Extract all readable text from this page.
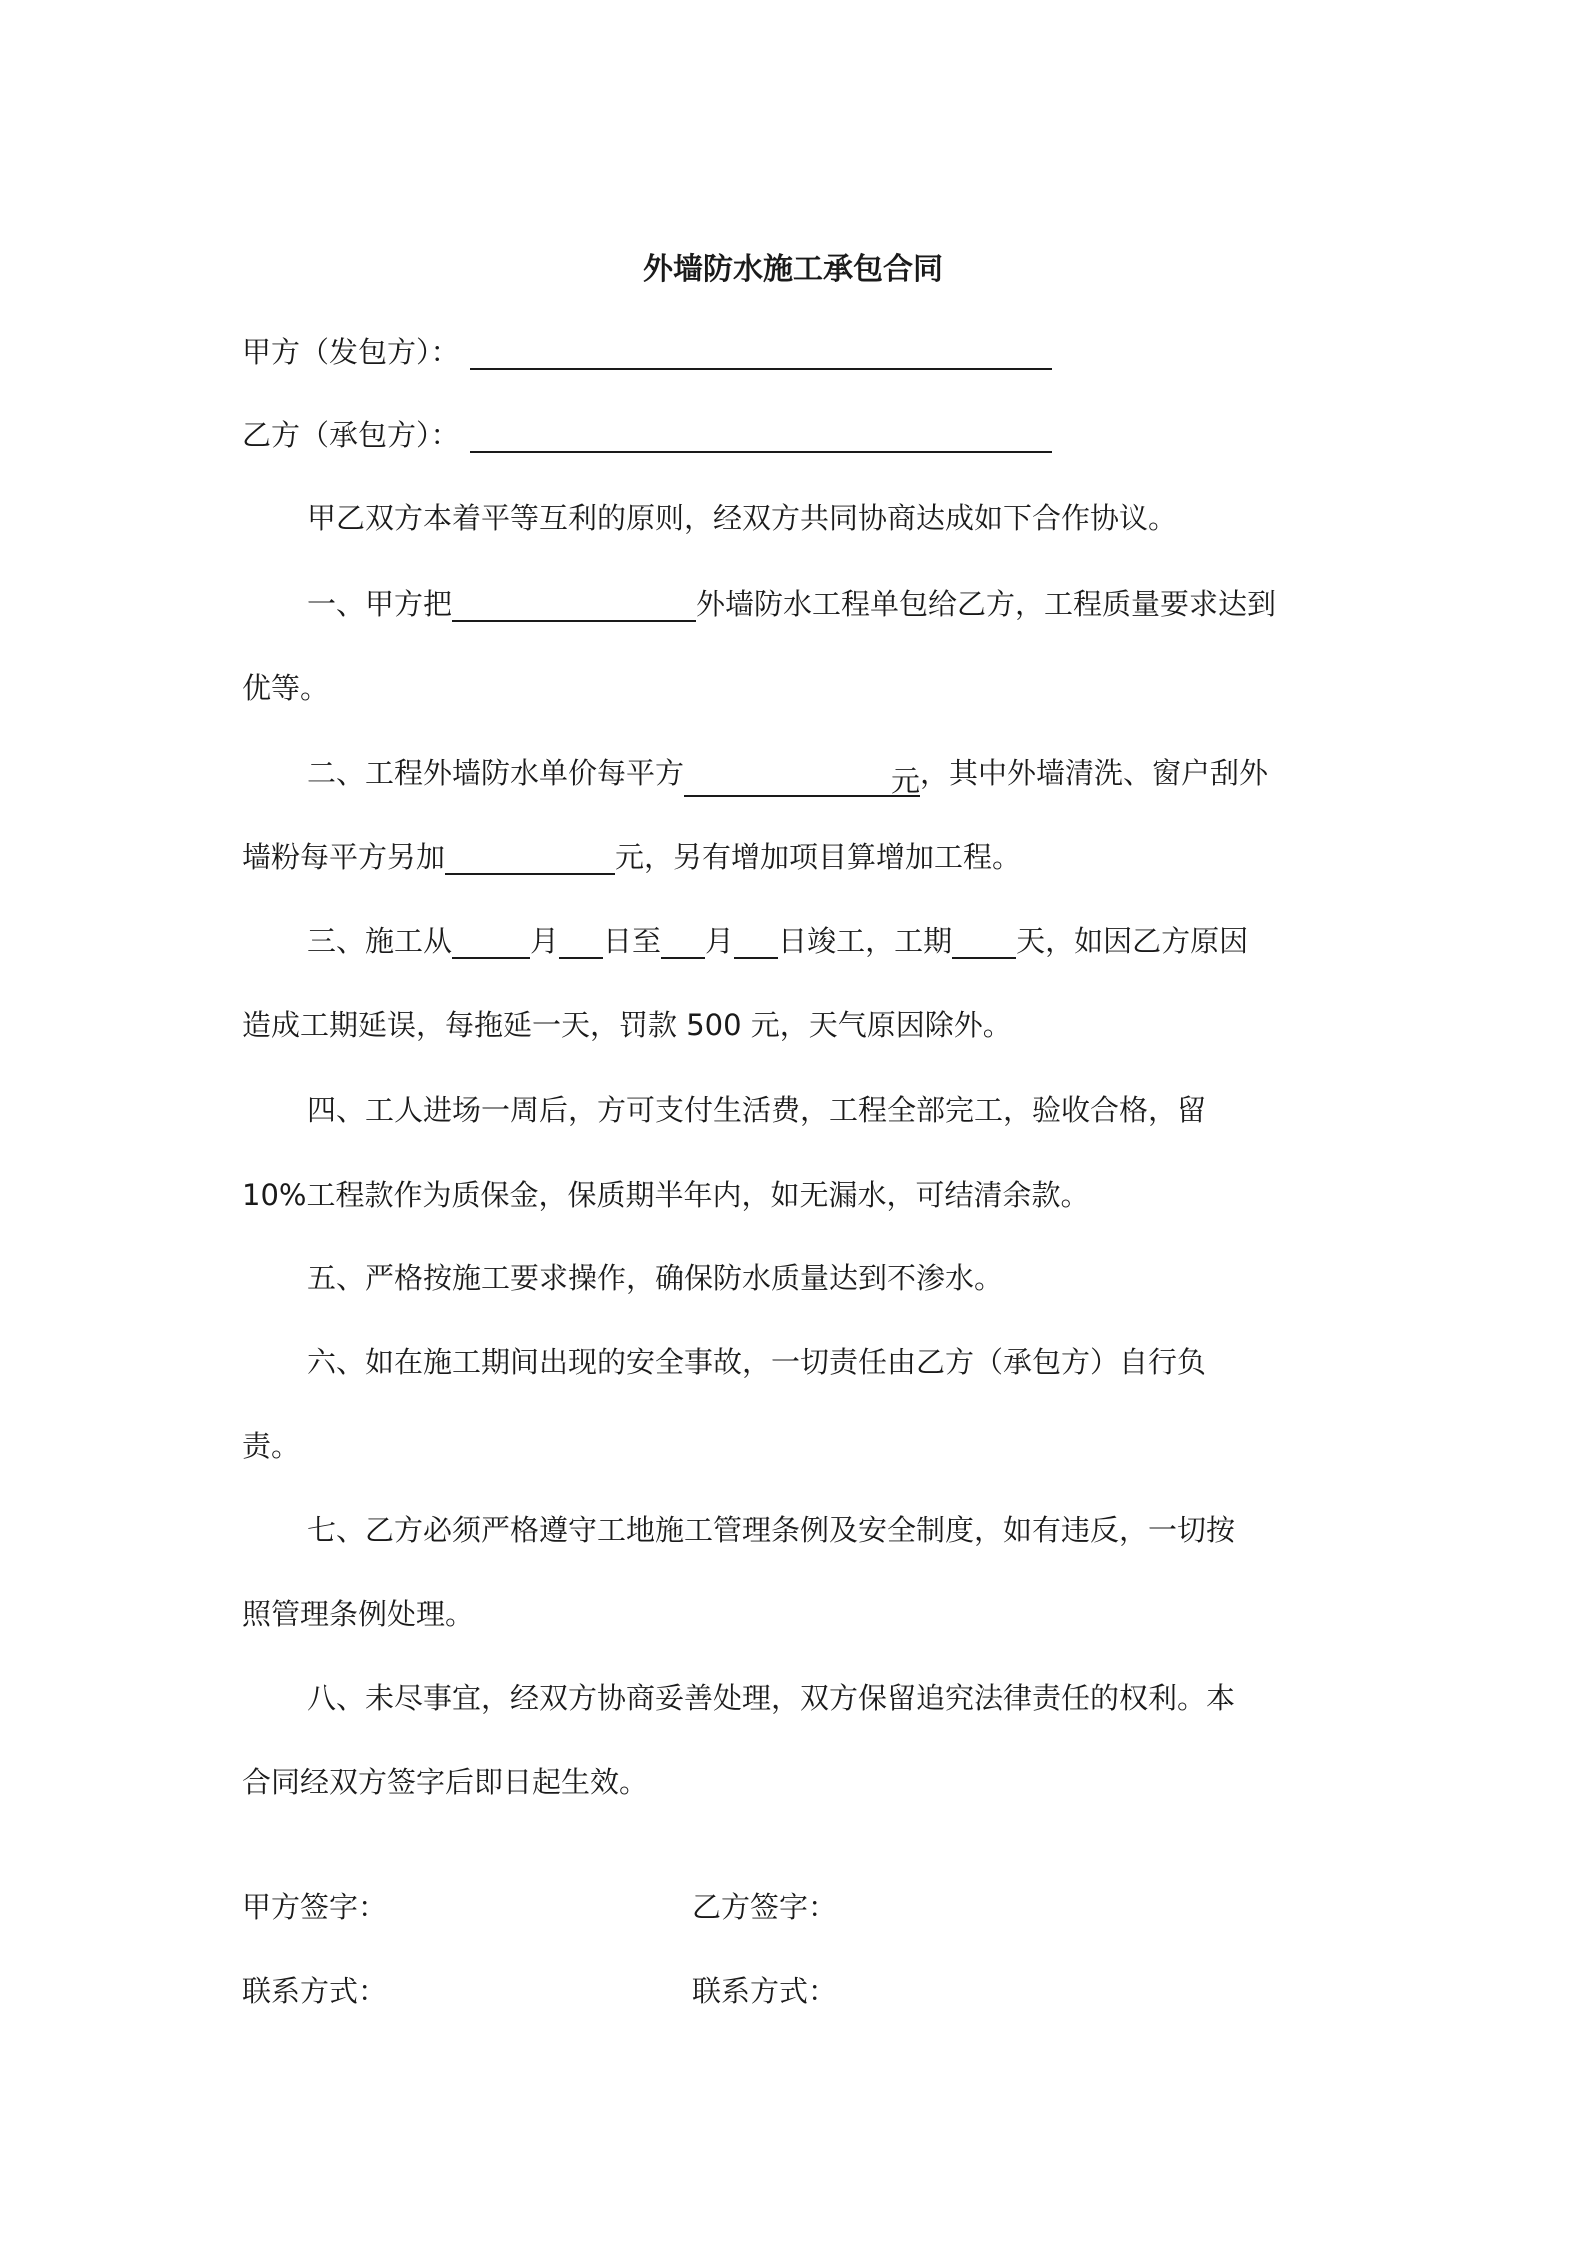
外墙防水施工承包合同
甲方（发包方）：
乙方（承包方）：
甲乙双方本着平等互利的原则，经双方共同协商达成如下合作协议。
一、甲方把	外墙防水工程单包给乙方，工程质量要求达到
优等。
二、工程外墙防水单价每平方	元，其中外墙清洗、窗户刮外
墙粉每平方另加	元，另有增加项目算增加工程。
三、施工从	月 日至 月 日竣工，工期 天，如因乙方原因
造成工期延误，每拖延一天，罚款 500 元，天气原因除外。
四、工人进场一周后，方可支付生活费，工程全部完工，验收合格，留
10%工程款作为质保金，保质期半年内，如无漏水，可结清余款。
五、严格按施工要求操作，确保防水质量达到不渗水。
六、如在施工期间出现的安全事故，一切责任由乙方（承包方）自行负
责。
七、乙方必须严格遵守工地施工管理条例及安全制度，如有违反，一切按
照管理条例处理。
八、未尽事宜，经双方协商妥善处理，双方保留追究法律责任的权利。本
合同经双方签字后即日起生效。
甲方签字：	乙方签字：
联系方式：	联系方式：
